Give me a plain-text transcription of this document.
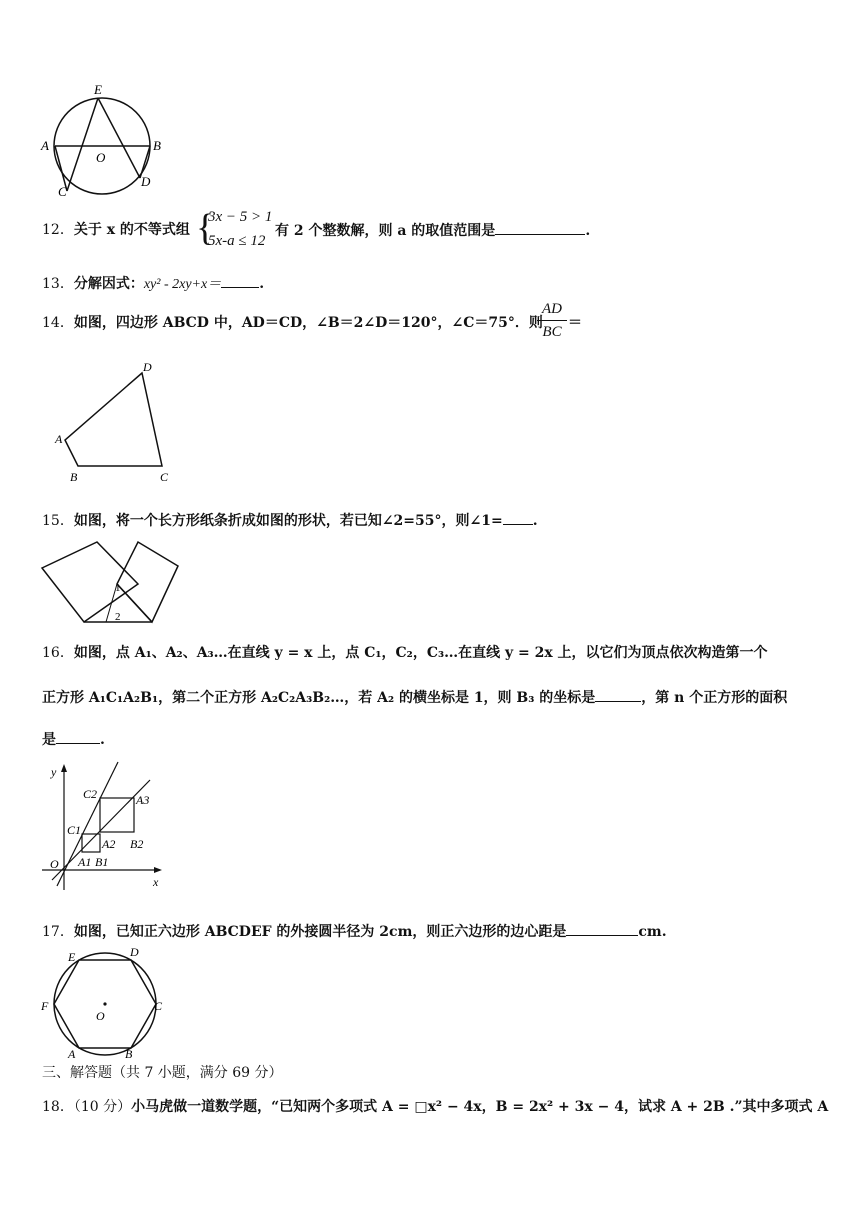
E
A	B
O
C
D
12．关于 x 的不等式组 {
3x − 5 > 1
5x-a ≤ 12
有 2 个整数解，则 a 的取值范围是	.
13．分解因式：xy² - 2xy+x＝	.
14．如图，四边形 ABCD 中，AD＝CD，∠B＝2∠D＝120°，∠C＝75°．则
AD
BC
＝
D
A
B	C
15．如图，将一个长方形纸条折成如图的形状，若已知∠2=55°，则∠1= .
1
2
16．如图，点 A₁、A₂、A₃…在直线 y = x 上，点 C₁，C₂，C₃…在直线 y = 2x 上，以它们为顶点依次构造第一个
正方形 A₁C₁A₂B₁，第二个正方形 A₂C₂A₃B₂…，若 A₂ 的横坐标是 1，则 B₃ 的坐标是	，第 n 个正方形的面积
是	.
y
C2	A3
C1
A2 B2
O A1 B1
x
17．如图，已知正六边形 ABCDEF 的外接圆半径为 2cm，则正六边形的边心距是	cm.
E	D
F	C
O
A	B
三、解答题（共 7 小题，满分 69 分）
18．（10 分）小马虎做一道数学题，“已知两个多项式 A = □x² − 4x，B = 2x² + 3x − 4，试求 A + 2B .”其中多项式 A
